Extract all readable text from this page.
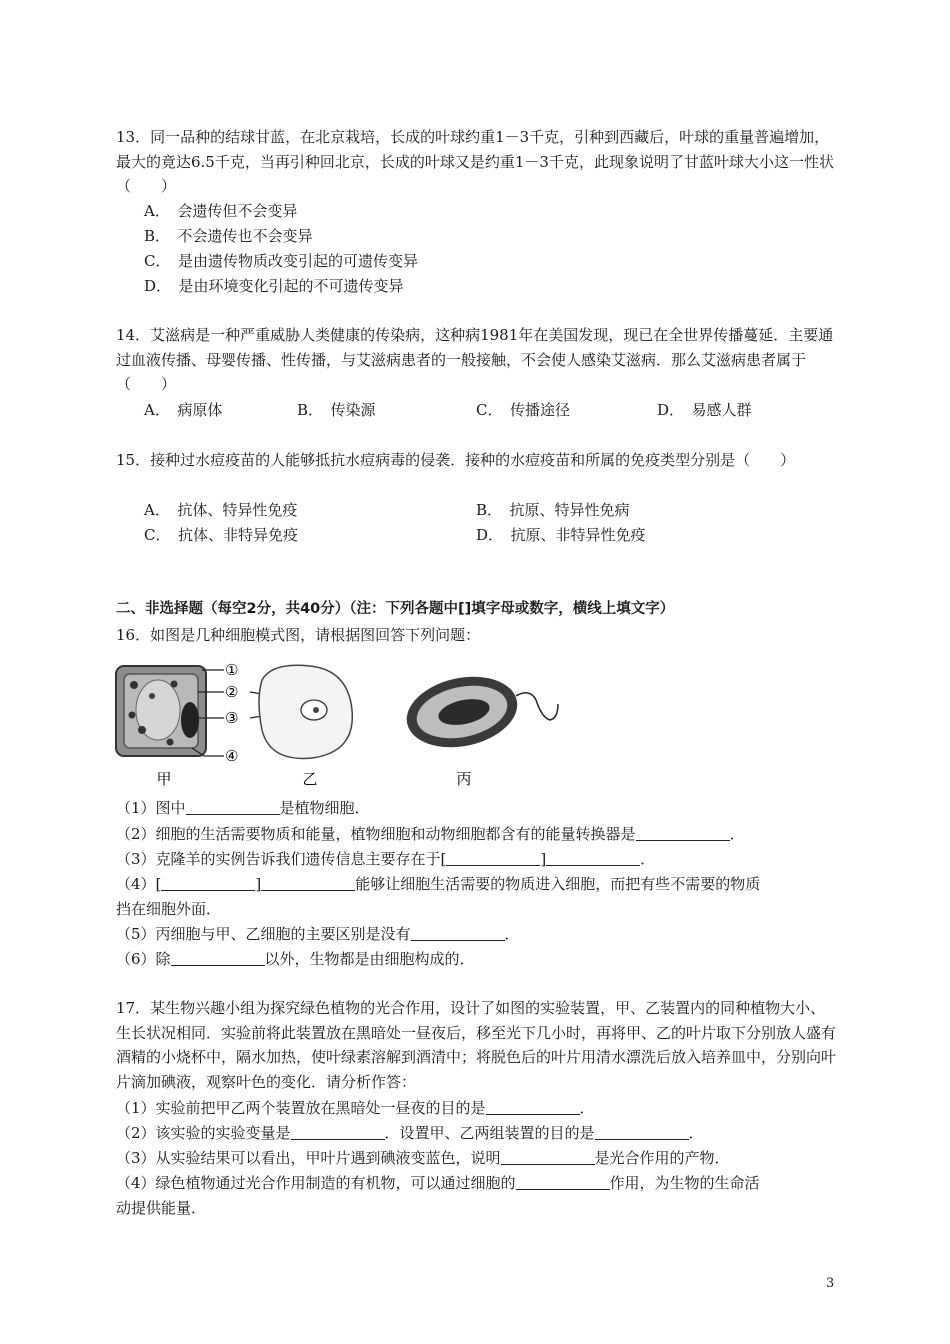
13．同一品种的结球甘蓝，在北京栽培，长成的叶球约重1－3千克，引种到西藏后，叶球的重量普遍增加，最大的竟达6.5千克，当再引种回北京，长成的叶球又是约重1－3千克，此现象说明了甘蓝叶球大小这一性状（　　）
A．　会遗传但不会变异
B．　不会遗传也不会变异
C．　是由遗传物质改变引起的可遗传变异
D．　是由环境变化引起的不可遗传变异
14．艾滋病是一种严重威胁人类健康的传染病，这种病1981年在美国发现，现已在全世界传播蔓延．主要通过血液传播、母婴传播、性传播，与艾滋病患者的一般接触，不会使人感染艾滋病．那么艾滋病患者属于（　　）
A．　病原体	B．　传染源	C．　传播途径	D．　易感人群
15．接种过水痘疫苗的人能够抵抗水痘病毒的侵袭．接种的水痘疫苗和所属的免疫类型分别是（　　）
A．　抗体、特异性免疫	B．　抗原、特异性免病
C．　抗体、非特异免疫	D．　抗原、非特异性免疫
二、非选择题（每空2分，共40分）（注：下列各题中[]填字母或数字，横线上填文字）
16．如图是几种细胞模式图，请根据图回答下列问题：
①
②
③
④
甲	乙	丙
（1）图中	是植物细胞．
（2）细胞的生活需要物质和能量，植物细胞和动物细胞都含有的能量转换器是	．
（3）克隆羊的实例告诉我们遗传信息主要存在于[	]	．
（4）[	]	能够让细胞生活需要的物质进入细胞，而把有些不需要的物质
挡在细胞外面．
（5）丙细胞与甲、乙细胞的主要区别是没有	．
（6）除	以外，生物都是由细胞构成的．
17．某生物兴趣小组为探究绿色植物的光合作用，设计了如图的实验装置，甲、乙装置内的同种植物大小、生长状况相同．实验前将此装置放在黑暗处一昼夜后，移至光下几小时，再将甲、乙的叶片取下分别放人盛有酒精的小烧杯中，隔水加热，使叶绿素溶解到酒清中；将脱色后的叶片用清水漂洗后放入培养皿中，分别向叶片滴加碘液，观察叶色的变化．请分析作答：
（1）实验前把甲乙两个装置放在黑暗处一昼夜的目的是	．
（2）该实验的实验变量是	．设置甲、乙两组装置的目的是	．
（3）从实验结果可以看出，甲叶片遇到碘液变蓝色，说明	是光合作用的产物．
（4）绿色植物通过光合作用制造的有机物，可以通过细胞的	作用，为生物的生命活
动提供能量．
3
